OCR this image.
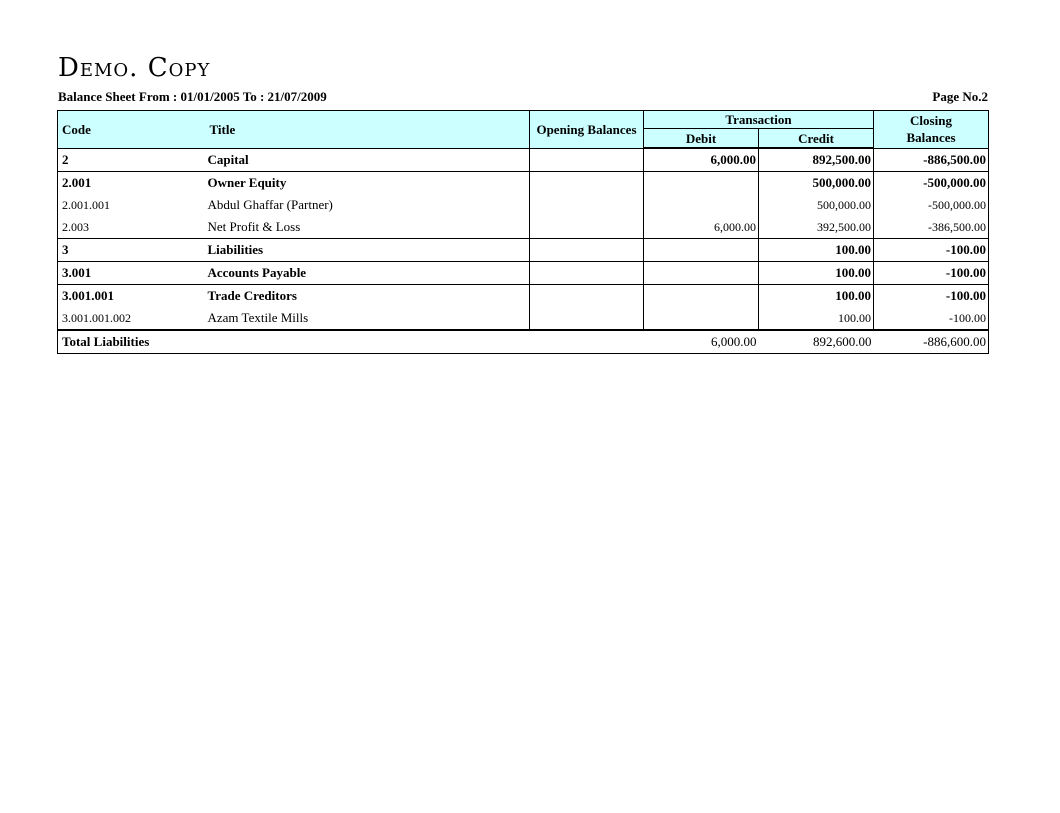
Demo. Copy
Balance Sheet From : 01/01/2005 To : 21/07/2009	Page No.2
Code	Title	Opening Balances	Transaction		Closing Balances
			Debit	Credit	
2	Capital		6,000.00	892,500.00	-886,500.00
2.001	Owner Equity			500,000.00	-500,000.00
2.001.001	Abdul Ghaffar (Partner)			500,000.00	-500,000.00
2.003	Net Profit & Loss		6,000.00	392,500.00	-386,500.00
3	Liabilities			100.00	-100.00
3.001	Accounts Payable			100.00	-100.00
3.001.001	Trade Creditors			100.00	-100.00
3.001.001.002	Azam Textile Mills			100.00	-100.00
Total Liabilities			6,000.00	892,600.00	-886,600.00
